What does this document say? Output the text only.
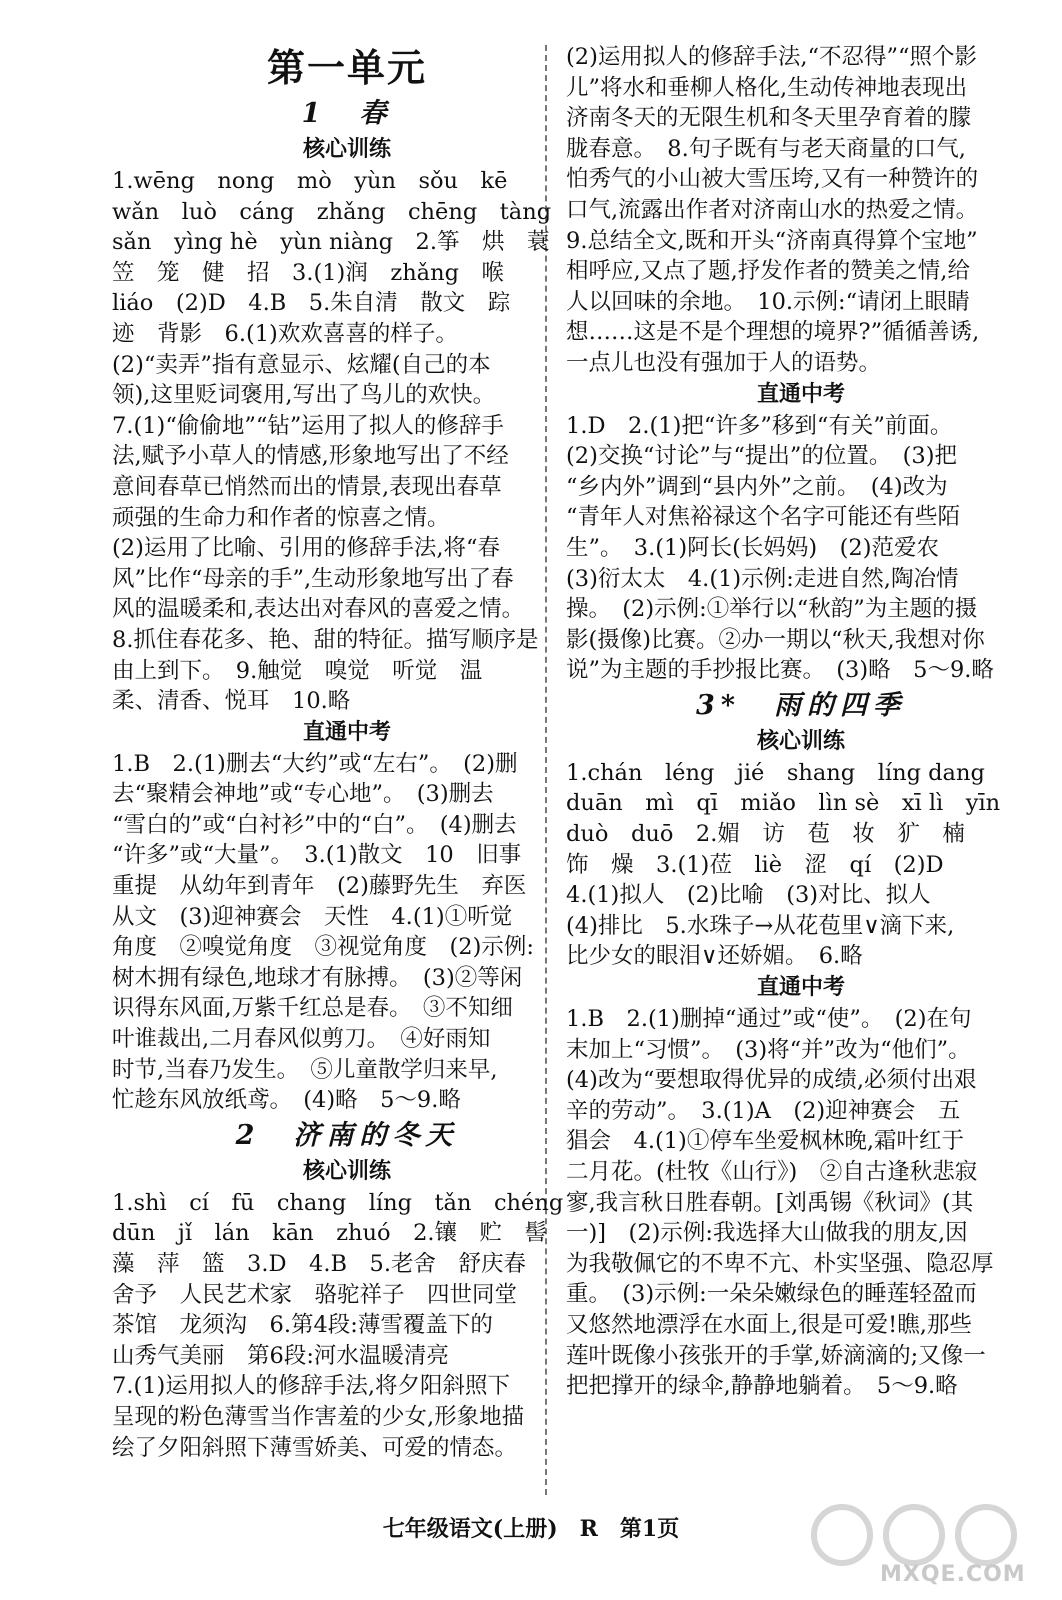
第一单元
1　春
核心训练
1.wēng　nong　mò　yùn　sǒu　kē
wǎn　luò　cáng　zhǎng　chēng　tàng
sǎn　yìng hè　yùn niàng　2.筝　烘　蓑
笠　笼　健　招　3.(1)润　zhǎng　喉
liáo　(2)D　4.B　5.朱自清　散文　踪
迹　背影　6.(1)欢欢喜喜的样子。
(2)“卖弄”指有意显示、炫耀(自己的本
领),这里贬词褒用,写出了鸟儿的欢快。
7.(1)“偷偷地”“钻”运用了拟人的修辞手
法,赋予小草人的情感,形象地写出了不经
意间春草已悄然而出的情景,表现出春草
顽强的生命力和作者的惊喜之情。
(2)运用了比喻、引用的修辞手法,将“春
风”比作“母亲的手”,生动形象地写出了春
风的温暖柔和,表达出对春风的喜爱之情。
8.抓住春花多、艳、甜的特征。描写顺序是
由上到下。　9.触觉　嗅觉　听觉　温
柔、清香、悦耳　10.略
直通中考
1.B　2.(1)删去“大约”或“左右”。　(2)删
去“聚精会神地”或“专心地”。　(3)删去
“雪白的”或“白衬衫”中的“白”。　(4)删去
“许多”或“大量”。　3.(1)散文　10　旧事
重提　从幼年到青年　(2)藤野先生　弃医
从文　(3)迎神赛会　天性　4.(1)①听觉
角度　②嗅觉角度　③视觉角度　(2)示例:
树木拥有绿色,地球才有脉搏。　(3)②等闲
识得东风面,万紫千红总是春。　③不知细
叶谁裁出,二月春风似剪刀。　④好雨知
时节,当春乃发生。　⑤儿童散学归来早,
忙趁东风放纸鸢。　(4)略　5～9.略
2　济南的冬天
核心训练
1.shì　cí　fū　chang　líng　tǎn　chéng
dūn　jǐ　lán　kān　zhuó　2.镶　贮　髻
藻　萍　篮　3.D　4.B　5.老舍　舒庆春
舍予　人民艺术家　骆驼祥子　四世同堂
茶馆　龙须沟　6.第4段:薄雪覆盖下的
山秀气美丽　第6段:河水温暖清亮
7.(1)运用拟人的修辞手法,将夕阳斜照下
呈现的粉色薄雪当作害羞的少女,形象地描
绘了夕阳斜照下薄雪娇美、可爱的情态。
(2)运用拟人的修辞手法,“不忍得”“照个影
儿”将水和垂柳人格化,生动传神地表现出
济南冬天的无限生机和冬天里孕育着的朦
胧春意。　8.句子既有与老天商量的口气,
怕秀气的小山被大雪压垮,又有一种赞许的
口气,流露出作者对济南山水的热爱之情。
9.总结全文,既和开头“济南真得算个宝地”
相呼应,又点了题,抒发作者的赞美之情,给
人以回味的余地。　10.示例:“请闭上眼睛
想……这是不是个理想的境界?”循循善诱,
一点儿也没有强加于人的语势。
直通中考
1.D　2.(1)把“许多”移到“有关”前面。
(2)交换“讨论”与“提出”的位置。　(3)把
“乡内外”调到“县内外”之前。　(4)改为
“青年人对焦裕禄这个名字可能还有些陌
生”。　3.(1)阿长(长妈妈)　(2)范爱农
(3)衍太太　4.(1)示例:走进自然,陶冶情
操。　(2)示例:①举行以“秋韵”为主题的摄
影(摄像)比赛。②办一期以“秋天,我想对你
说”为主题的手抄报比赛。　(3)略　5～9.略
3*　雨的四季
核心训练
1.chán　léng　jié　shang　líng dang
duān　mì　qī　miǎo　lìn sè　xī lì　yīn
duò　duō　2.媚　访　苞　妆　犷　楠
饰　燥　3.(1)莅　liè　涩　qí　(2)D
4.(1)拟人　(2)比喻　(3)对比、拟人
(4)排比　5.水珠子→从花苞里∨滴下来,
比少女的眼泪∨还娇媚。　6.略
直通中考
1.B　2.(1)删掉“通过”或“使”。　(2)在句
末加上“习惯”。　(3)将“并”改为“他们”。
(4)改为“要想取得优异的成绩,必须付出艰
辛的劳动”。　3.(1)A　(2)迎神赛会　五
猖会　4.(1)①停车坐爱枫林晚,霜叶红于
二月花。(杜牧《山行》)　②自古逢秋悲寂
寥,我言秋日胜春朝。[刘禹锡《秋词》(其
一)]　(2)示例:我选择大山做我的朋友,因
为我敬佩它的不卑不亢、朴实坚强、隐忍厚
重。　(3)示例:一朵朵嫩绿色的睡莲轻盈而
又悠然地漂浮在水面上,很是可爱!瞧,那些
莲叶既像小孩张开的手掌,娇滴滴的;又像一
把把撑开的绿伞,静静地躺着。　5～9.略
七年级语文(上册)　R　第1页
MXQE.COM
